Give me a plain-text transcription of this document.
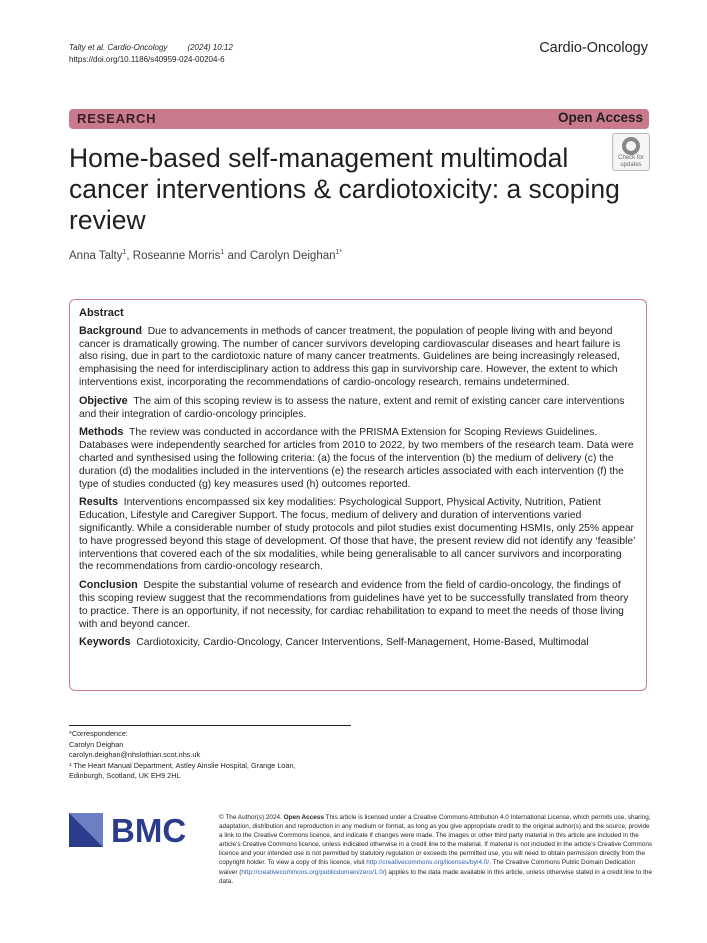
Talty et al. Cardio-Oncology	(2024) 10:12
https://doi.org/10.1186/s40959-024-00204-6
Cardio-Oncology
RESEARCH	Open Access
Check for updates
Home-based self-management multimodal cancer interventions & cardiotoxicity: a scoping review
Anna Talty$^1$, Roseanne Morris$^1$ and Carolyn Deighan$^{1*}$
Abstract

Background Due to advancements in methods of cancer treatment, the population of people living with and beyond cancer is dramatically growing. The number of cancer survivors developing cardiovascular diseases and heart failure is also rising, due in part to the cardiotoxic nature of many cancer treatments. Guidelines are being increasingly released, emphasising the need for interdisciplinary action to address this gap in survivorship care. However, the extent to which interventions exist, incorporating the recommendations of cardio-oncology research, remains undetermined.

Objective The aim of this scoping review is to assess the nature, extent and remit of existing cancer care interventions and their integration of cardio-oncology principles.

Methods The review was conducted in accordance with the PRISMA Extension for Scoping Reviews Guidelines. Databases were independently searched for articles from 2010 to 2022, by two members of the research team. Data were charted and synthesised using the following criteria: (a) the focus of the intervention (b) the medium of delivery (c) the duration (d) the modalities included in the interventions (e) the research articles associated with each intervention (f) the type of studies conducted (g) key measures used (h) outcomes reported.

Results Interventions encompassed six key modalities: Psychological Support, Physical Activity, Nutrition, Patient Education, Lifestyle and Caregiver Support. The focus, medium of delivery and duration of interventions varied significantly. While a considerable number of study protocols and pilot studies exist documenting HSMIs, only 25% appear to have progressed beyond this stage of development. Of those that have, the present review did not identify any ‘feasible’ interventions that covered each of the six modalities, while being generalisable to all cancer survivors and incorporating the recommendations from cardio-oncology research.

Conclusion Despite the substantial volume of research and evidence from the field of cardio-oncology, the findings of this scoping review suggest that the recommendations from guidelines have yet to be successfully translated from theory to practice. There is an opportunity, if not necessity, for cardiac rehabilitation to expand to meet the needs of those living with and beyond cancer.

Keywords Cardiotoxicity, Cardio-Oncology, Cancer Interventions, Self-Management, Home-Based, Multimodal

*Correspondence:
Carolyn Deighan
carolyn.deighan@nhslothian.scot.nhs.uk
¹ The Heart Manual Department, Astley Ainslie Hospital, Grange Loan,
Edinburgh, Scotland, UK EH9 2HL
BMC	© The Author(s) 2024. Open Access This article is licensed under a Creative Commons Attribution 4.0 International License, which permits use, sharing, adaptation, distribution and reproduction in any medium or format, as long as you give appropriate credit to the original author(s) and the source, provide a link to the Creative Commons licence, and indicate if changes were made. The images or other third party material in this article are included in the article’s Creative Commons licence, unless indicated otherwise in a credit line to the material. If material is not included in the article’s Creative Commons licence and your intended use is not permitted by statutory regulation or exceeds the permitted use, you will need to obtain permission directly from the copyright holder. To view a copy of this licence, visit http://creativecommons.org/licenses/by/4.0/. The Creative Commons Public Domain Dedication waiver (http://creativecommons.org/publicdomain/zero/1.0/) applies to the data made available in this article, unless otherwise stated in a credit line to the data.
